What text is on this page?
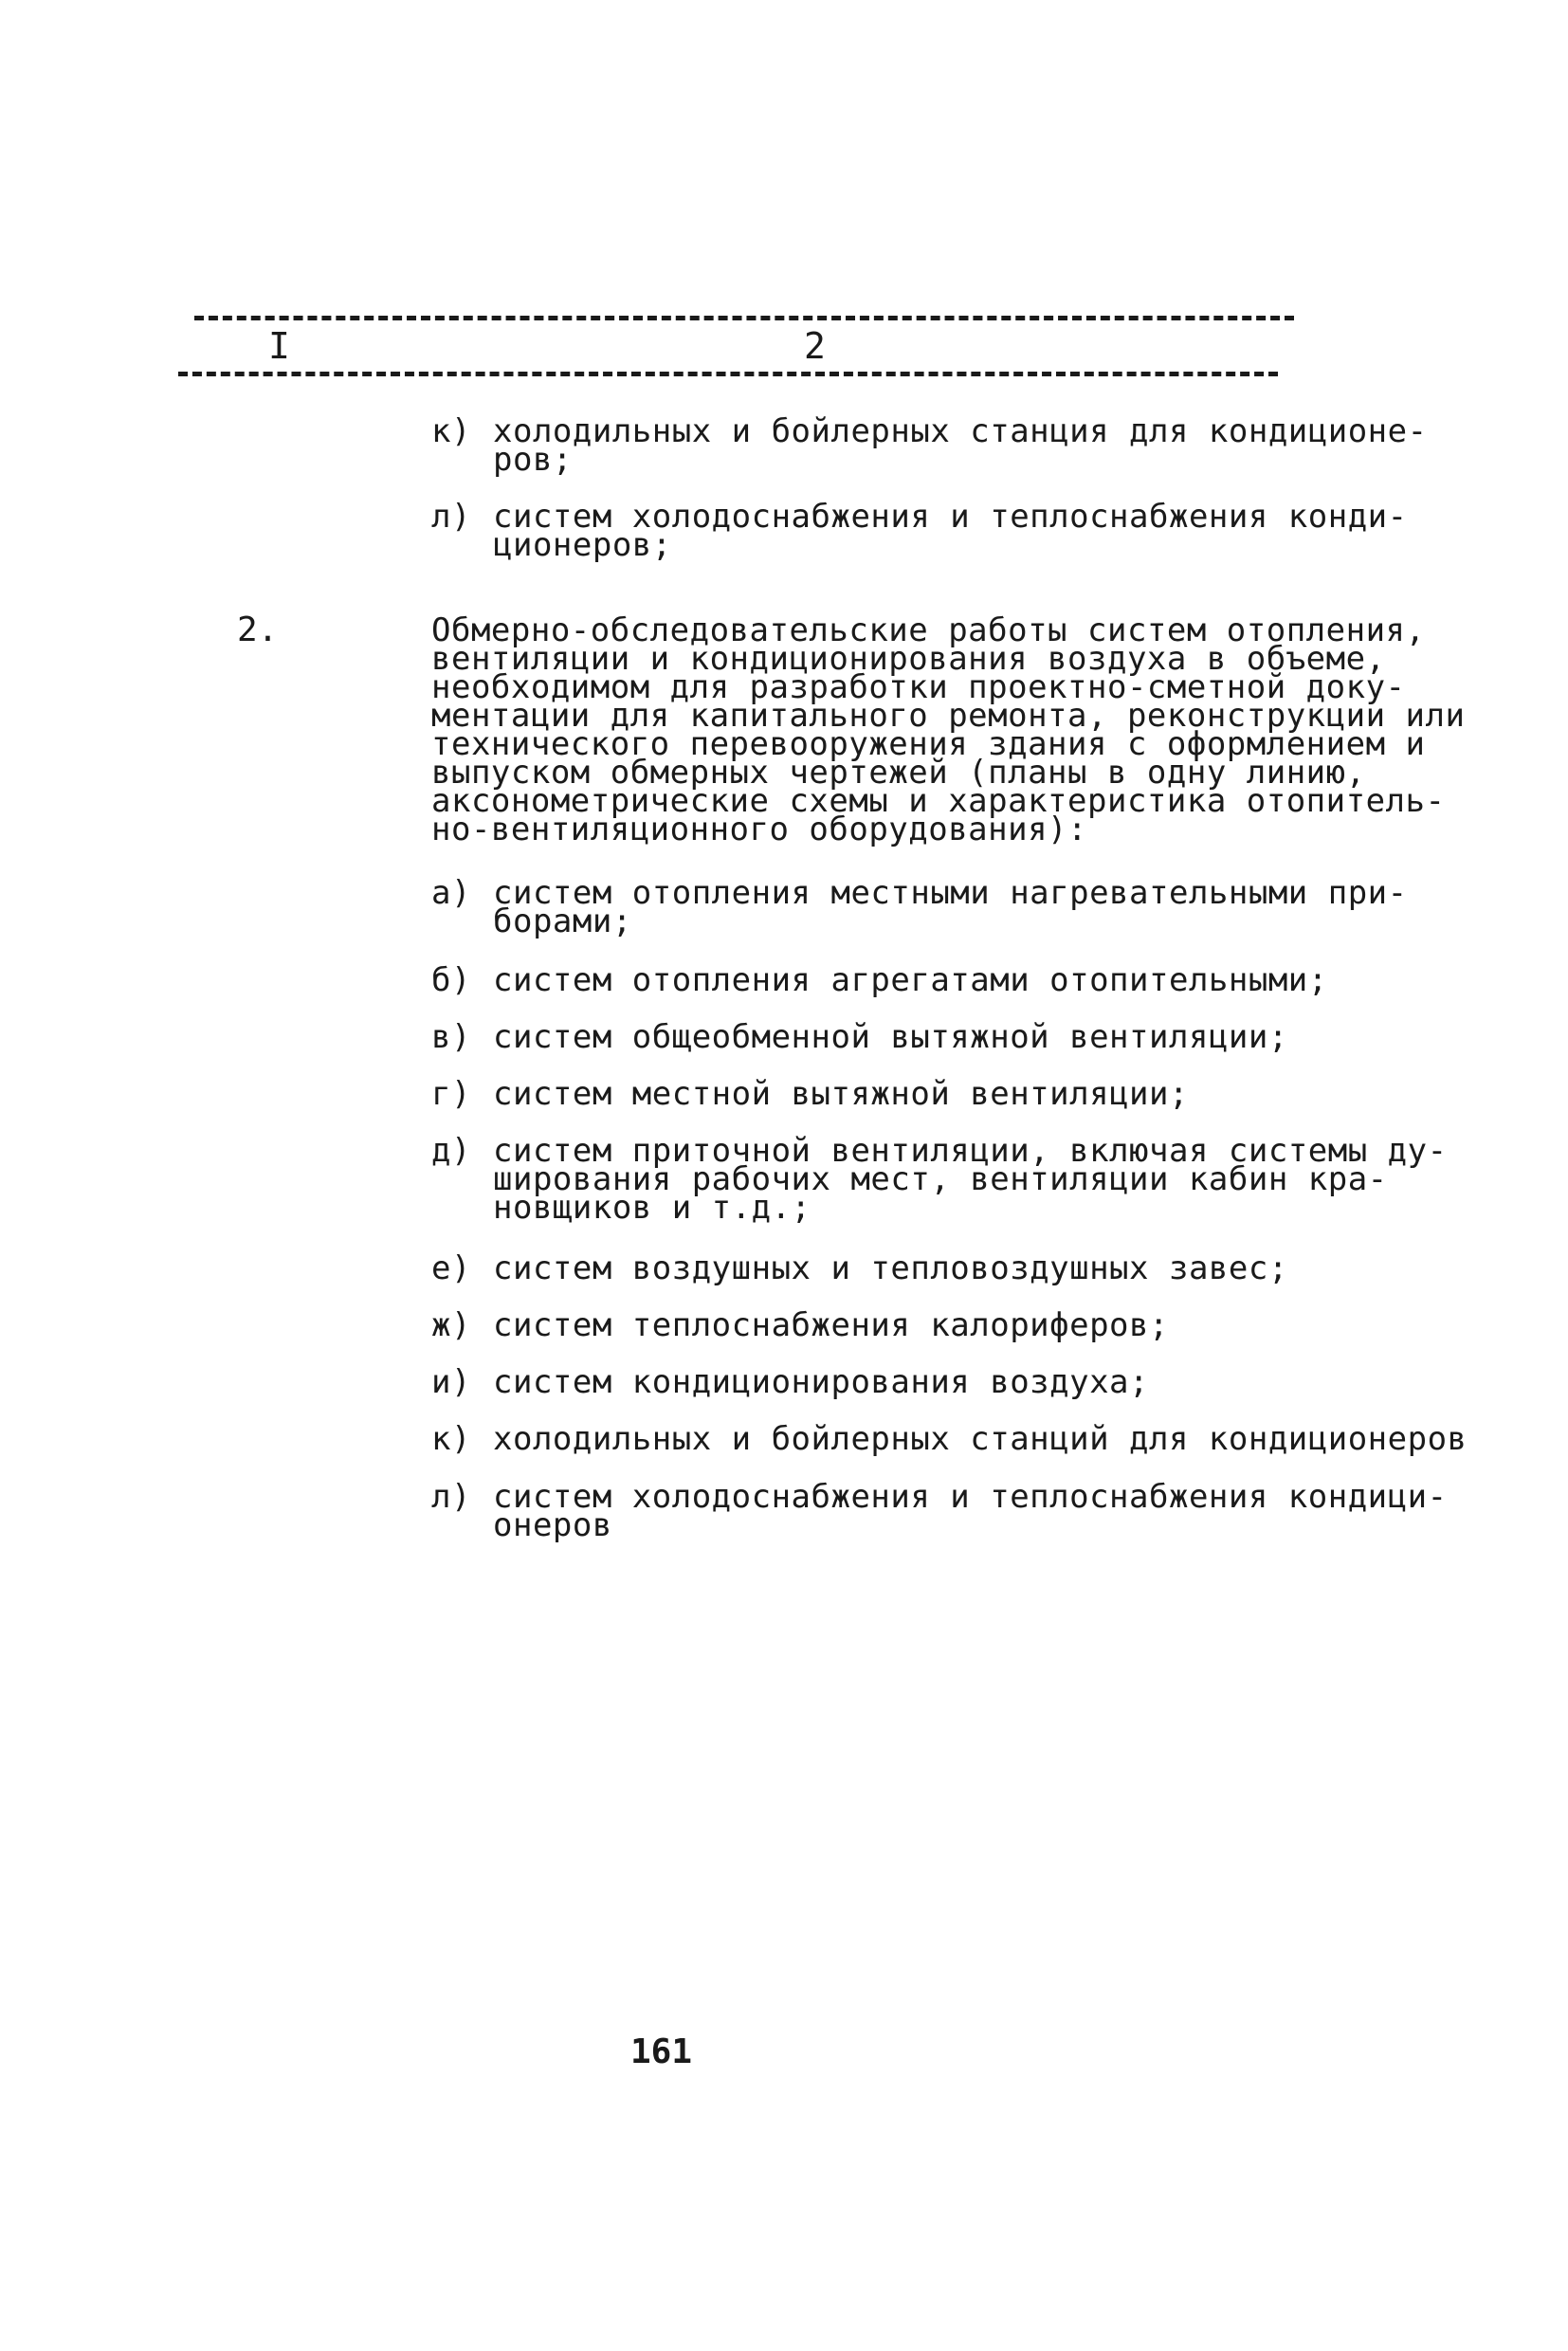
I	2

к)

холодильных и бойлерных станция для кондиционе-
ров;

л)

систем холодоснабжения и теплоснабжения конди-
ционеров;

2.	Обмерно-обследовательские работы систем отопления,
вентиляции и кондиционирования воздуха в объеме,
необходимом для разработки проектно-сметной доку-
ментации для капитального ремонта, реконструкции или
технического перевооружения здания с оформлением и
выпуском обмерных чертежей (планы в одну линию,
аксонометрические схемы и характеристика отопитель-
но-вентиляционного оборудования):

а)

систем отопления местными нагревательными при-
борами;

б)

систем отопления агрегатами отопительными;

в)

систем общеобменной вытяжной вентиляции;

г)

систем местной вытяжной вентиляции;

д)

систем приточной вентиляции, включая системы ду-
ширования рабочих мест, вентиляции кабин кра-
новщиков и т.д.;

е)

систем воздушных и тепловоздушных завес;

ж)

систем теплоснабжения калориферов;

и)

систем кондиционирования воздуха;

к)

холодильных и бойлерных станций для кондиционеров

л)

систем холодоснабжения и теплоснабжения кондици-
онеров

161
